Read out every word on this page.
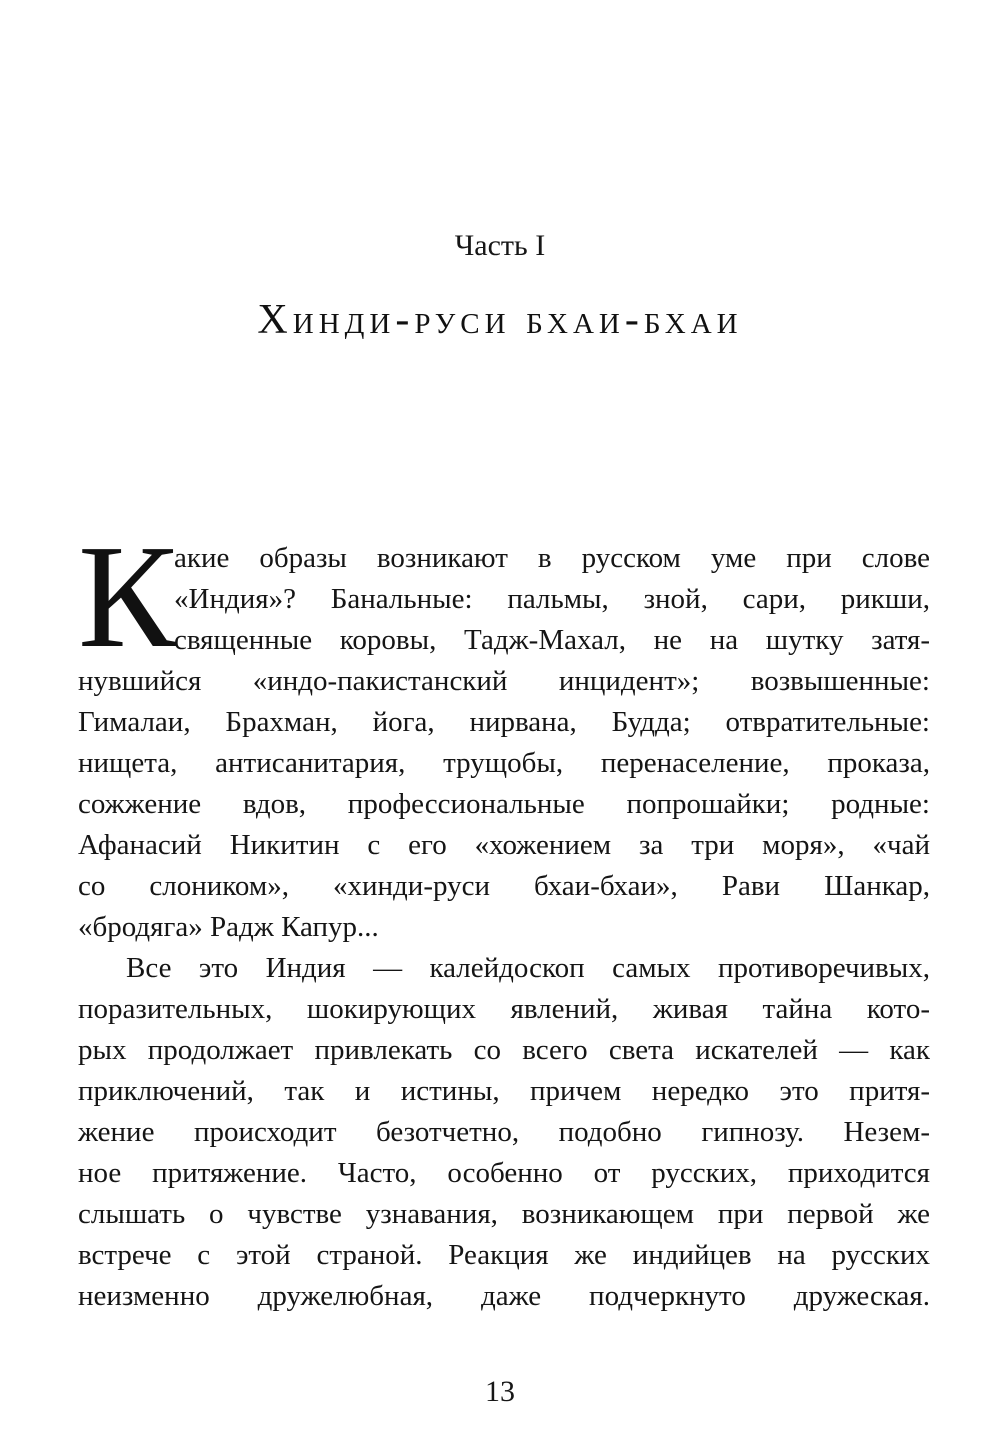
Часть I
Хинди-руси бхаи-бхаи
К
акие образы возникают в русском уме при слове
«Индия»? Банальные: пальмы, зной, сари, рикши,
священные коровы, Тадж-Махал, не на шутку затя-
нувшийся «индо-пакистанский инцидент»; возвышенные:
Гималаи, Брахман, йога, нирвана, Будда; отвратительные:
нищета, антисанитария, трущобы, перенаселение, проказа,
сожжение вдов, профессиональные попрошайки; родные:
Афанасий Никитин с его «хожением за три моря», «чай
со слоником», «хинди-руси бхаи-бхаи», Рави Шанкар,
«бродяга» Радж Капур...
Все это Индия — калейдоскоп самых противоречивых,
поразительных, шокирующих явлений, живая тайна кото-
рых продолжает привлекать со всего света искателей — как
приключений, так и истины, причем нередко это притя-
жение происходит безотчетно, подобно гипнозу. Незем-
ное притяжение. Часто, особенно от русских, приходится
слышать о чувстве узнавания, возникающем при первой же
встрече с этой страной. Реакция же индийцев на русских
неизменно дружелюбная, даже подчеркнуто дружеская.
13
